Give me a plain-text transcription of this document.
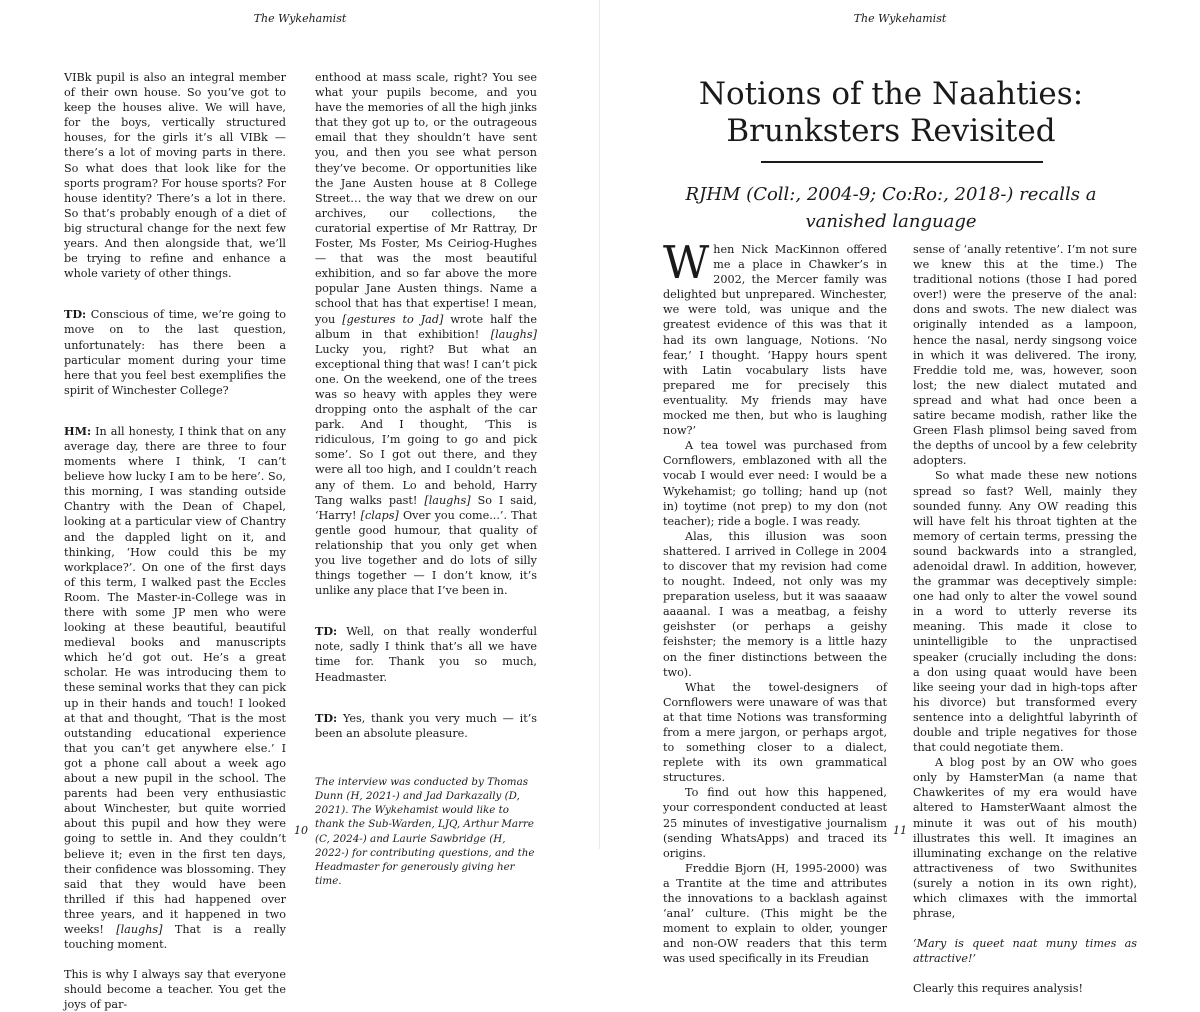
The Wykehamist

VIBk pupil is also an integral member of their own house. So you’ve got to keep the houses alive. We will have, for the boys, vertically structured houses, for the girls it’s all VIBk — there’s a lot of moving parts in there. So what does that look like for the sports program? For house sports? For house identity? There’s a lot in there. So that’s probably enough of a diet of big structural change for the next few years. And then alongside that, we’ll be trying to refine and enhance a whole variety of other things.

TD: Conscious of time, we’re going to move on to the last question, unfortunately: has there been a particular moment during your time here that you feel best exemplifies the spirit of Winchester College?

HM: In all honesty, I think that on any average day, there are three to four moments where I think, ‘I can’t believe how lucky I am to be here’. So, this morning, I was standing outside Chantry with the Dean of Chapel, looking at a particular view of Chantry and the dappled light on it, and thinking, ‘How could this be my workplace?’. On one of the first days of this term, I walked past the Eccles Room. The Master-in-College was in there with some JP men who were looking at these beautiful, beautiful medieval books and manuscripts which he’d got out. He’s a great scholar. He was introducing them to these seminal works that they can pick up in their hands and touch! I looked at that and thought, ‘That is the most outstanding educational experience that you can’t get anywhere else.’ I got a phone call about a week ago about a new pupil in the school. The parents had been very enthusiastic about Winchester, but quite worried about this pupil and how they were going to settle in. And they couldn’t believe it; even in the first ten days, their confidence was blossoming. They said that they would have been thrilled if this had happened over three years, and it happened in two weeks! [laughs] That is a really touching moment.

This is why I always say that everyone should become a teacher. You get the joys of par-

enthood at mass scale, right? You see what your pupils become, and you have the memories of all the high jinks that they got up to, or the outrageous email that they shouldn’t have sent you, and then you see what person they’ve become. Or opportunities like the Jane Austen house at 8 College Street… the way that we drew on our archives, our collections, the curatorial expertise of Mr Rattray, Dr Foster, Ms Foster, Ms Ceiriog-Hughes — that was the most beautiful exhibition, and so far above the more popular Jane Austen things. Name a school that has that expertise! I mean, you [gestures to Jad] wrote half the album in that exhibition! [laughs] Lucky you, right? But what an exceptional thing that was! I can’t pick one. On the weekend, one of the trees was so heavy with apples they were dropping onto the asphalt of the car park. And I thought, ‘This is ridiculous, I’m going to go and pick some’. So I got out there, and they were all too high, and I couldn’t reach any of them. Lo and behold, Harry Tang walks past! [laughs] So I said, ‘Harry! [claps] Over you come...’. That gentle good humour, that quality of relationship that you only get when you live together and do lots of silly things together — I don’t know, it’s unlike any place that I’ve been in.

TD: Well, on that really wonderful note, sadly I think that’s all we have time for. Thank you so much, Headmaster.

TD: Yes, thank you very much — it’s been an absolute pleasure.

The interview was conducted by Thomas Dunn (H, 2021-) and Jad Darkazally (D, 2021). The Wykehamist would like to thank the Sub-Warden, LJQ, Arthur Marre (C, 2024-) and Laurie Sawbridge (H, 2022-) for contributing questions, and the Headmaster for generously giving her time.

10
The Wykehamist
11
Notions of the Naahties: Brunksters Revisited
RJHM (Coll:, 2004-9; Co:Ro:, 2018-) recalls a vanished language

When Nick MacKinnon offered me a place in Chawker’s in 2002, the Mercer family was delighted but unprepared. Winchester, we were told, was unique and the greatest evidence of this was that it had its own language, Notions. ‘No fear,’ I thought. ‘Happy hours spent with Latin vocabulary lists have prepared me for precisely this eventuality. My friends may have mocked me then, but who is laughing now?’

A tea towel was purchased from Cornflowers, emblazoned with all the vocab I would ever need: I would be a Wykehamist; go tolling; hand up (not in) toytime (not prep) to my don (not teacher); ride a bogle. I was ready.

Alas, this illusion was soon shattered. I arrived in College in 2004 to discover that my revision had come to nought. Indeed, not only was my preparation useless, but it was saaaaw aaaanal. I was a meatbag, a feishy geishster (or perhaps a geishy feishster; the memory is a little hazy on the finer distinctions between the two).

What the towel-designers of Cornflowers were unaware of was that at that time Notions was transforming from a mere jargon, or perhaps argot, to something closer to a dialect, replete with its own grammatical structures.

To find out how this happened, your correspondent conducted at least 25 minutes of investigative journalism (sending WhatsApps) and traced its origins.

Freddie Bjorn (H, 1995-2000) was a Trantite at the time and attributes the innovations to a backlash against ‘anal’ culture. (This might be the moment to explain to older, younger and non-OW readers that this term was used specifically in its Freudian

sense of ‘anally retentive’. I’m not sure we knew this at the time.) The traditional notions (those I had pored over!) were the preserve of the anal: dons and swots. The new dialect was originally intended as a lampoon, hence the nasal, nerdy singsong voice in which it was delivered. The irony, Freddie told me, was, however, soon lost; the new dialect mutated and spread and what had once been a satire became modish, rather like the Green Flash plimsol being saved from the depths of uncool by a few celebrity adopters.

So what made these new notions spread so fast? Well, mainly they sounded funny. Any OW reading this will have felt his throat tighten at the memory of certain terms, pressing the sound backwards into a strangled, adenoidal drawl. In addition, however, the grammar was deceptively simple: one had only to alter the vowel sound in a word to utterly reverse its meaning. This made it close to unintelligible to the unpractised speaker (crucially including the dons: a don using quaat would have been like seeing your dad in high-tops after his divorce) but transformed every sentence into a delightful labyrinth of double and triple negatives for those that could negotiate them.

A blog post by an OW who goes only by HamsterMan (a name that Chawkerites of my era would have altered to HamsterWaant almost the minute it was out of his mouth) illustrates this well. It imagines an illuminating exchange on the relative attractiveness of two Swithunites (surely a notion in its own right), which climaxes with the immortal phrase,

‘Mary is queet naat muny times as attractive!’

Clearly this requires analysis!
